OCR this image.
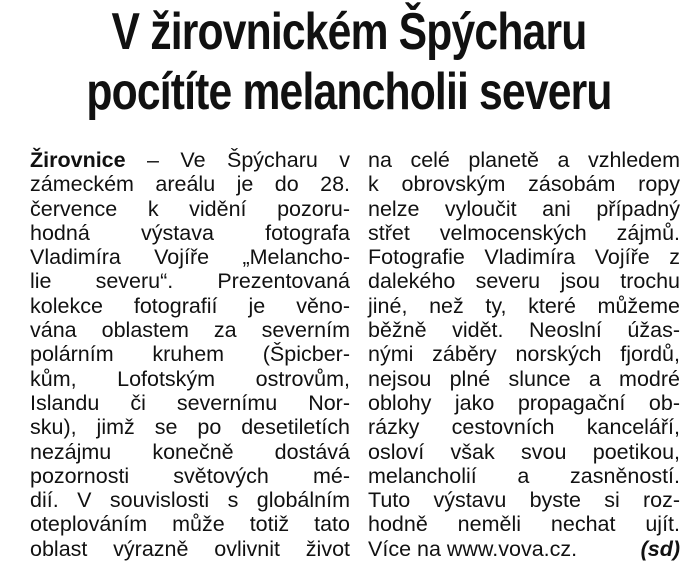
V žirovnickém Špýcharu
pocítíte melancholii severu
Žirovnice – Ve Špýcharu v
zámeckém areálu je do 28.
července k vidění pozoru-
hodná výstava fotografa
Vladimíra Vojíře „Melancho-
lie severu“. Prezentovaná
kolekce fotografií je věno-
vána oblastem za severním
polárním kruhem (Špicber-
kům, Lofotským ostrovům,
Islandu či severnímu Nor-
sku), jimž se po desetiletích
nezájmu konečně dostává
pozornosti světových mé-
dií. V souvislosti s globálním
oteplováním může totiž tato
oblast výrazně ovlivnit život
na celé planetě a vzhledem
k obrovským zásobám ropy
nelze vyloučit ani případný
střet velmocenských zájmů.
Fotografie Vladimíra Vojíře z
dalekého severu jsou trochu
jiné, než ty, které můžeme
běžně vidět. Neoslní úžas-
nými záběry norských fjordů,
nejsou plné slunce a modré
oblohy jako propagační ob-
rázky cestovních kanceláří,
osloví však svou poetikou,
melancholií a zasněností.
Tuto výstavu byste si roz-
hodně neměli nechat ujít.
Více na www.vova.cz.	(sd)
